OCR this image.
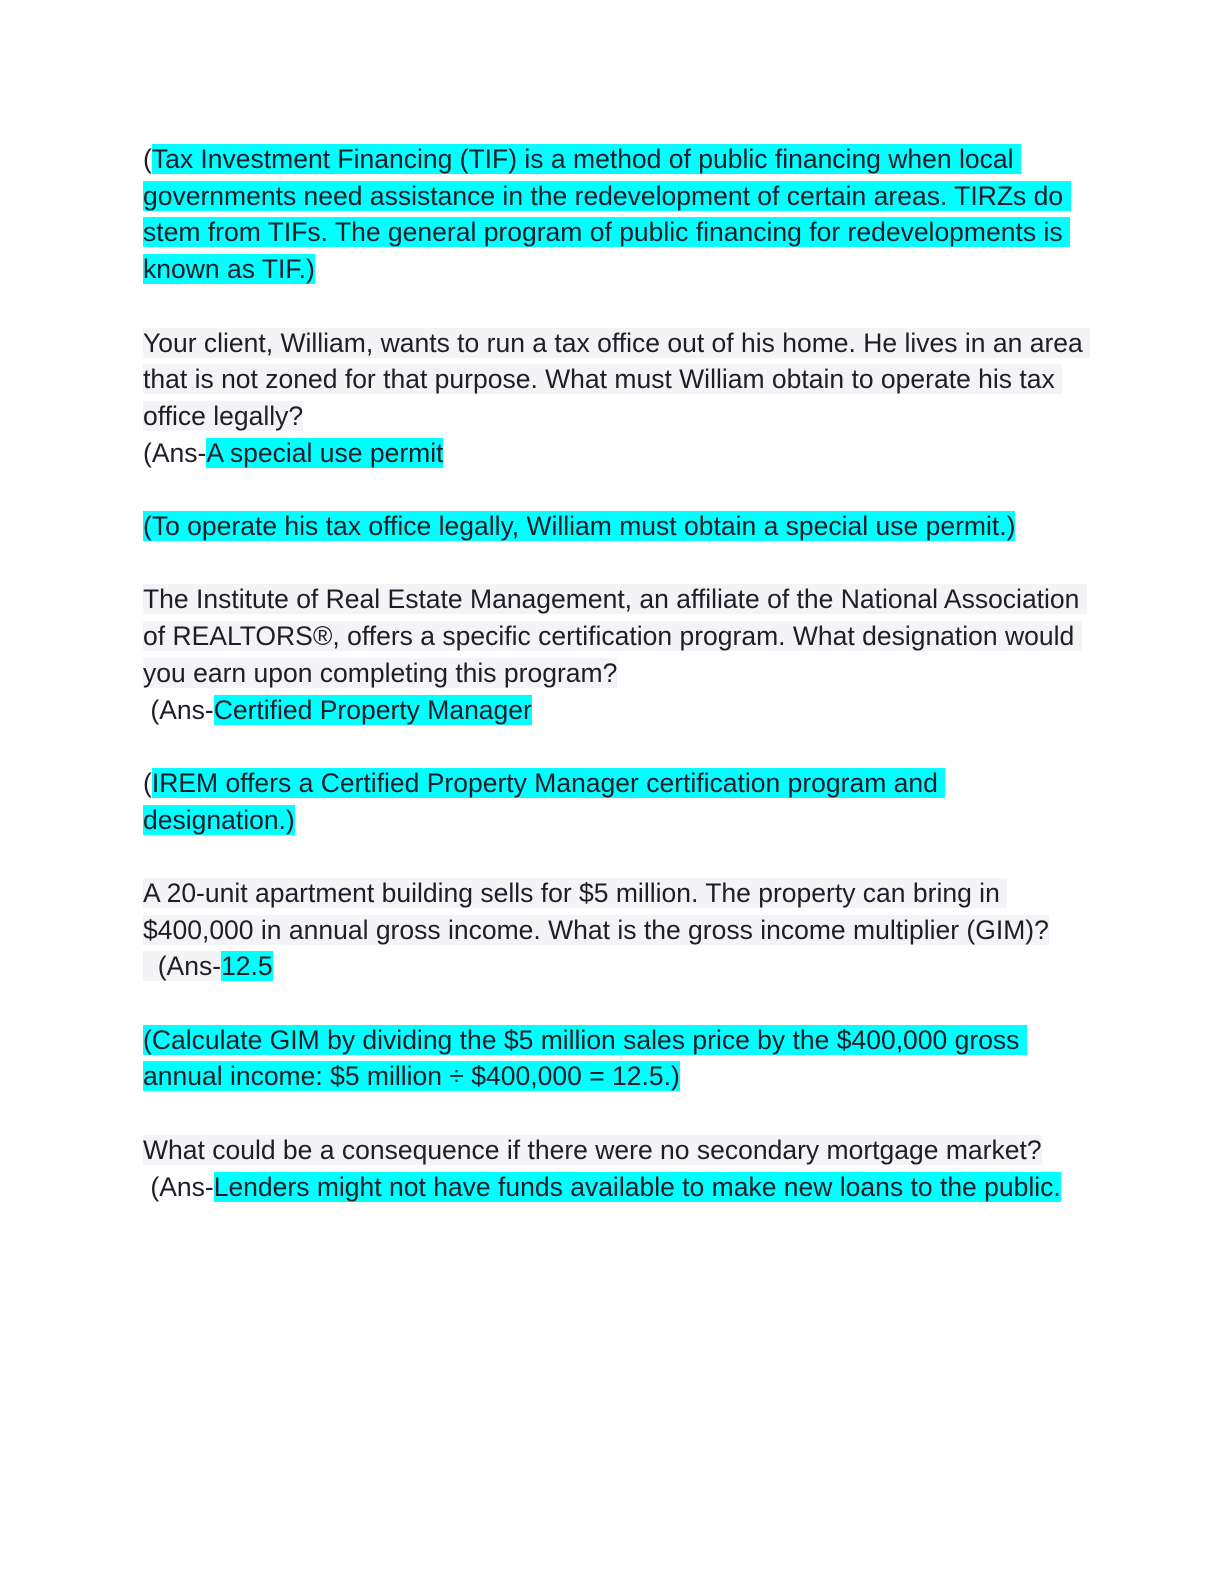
(Tax Investment Financing (TIF) is a method of public financing when local governments need assistance in the redevelopment of certain areas. TIRZs do stem from TIFs. The general program of public financing for redevelopments is known as TIF.)

Your client, William, wants to run a tax office out of his home. He lives in an area that is not zoned for that purpose. What must William obtain to operate his tax office legally?

(Ans-A special use permit

(To operate his tax office legally, William must obtain a special use permit.)

The Institute of Real Estate Management, an affiliate of the National Association of REALTORS®, offers a specific certification program. What designation would you earn upon completing this program?

(Ans-Certified Property Manager

(IREM offers a Certified Property Manager certification program and designation.)

A 20-unit apartment building sells for $5 million. The property can bring in $400,000 in annual gross income. What is the gross income multiplier (GIM)?

(Ans-12.5

(Calculate GIM by dividing the $5 million sales price by the $400,000 gross annual income: $5 million ÷ $400,000 = 12.5.)

What could be a consequence if there were no secondary mortgage market?

(Ans-Lenders might not have funds available to make new loans to the public.
